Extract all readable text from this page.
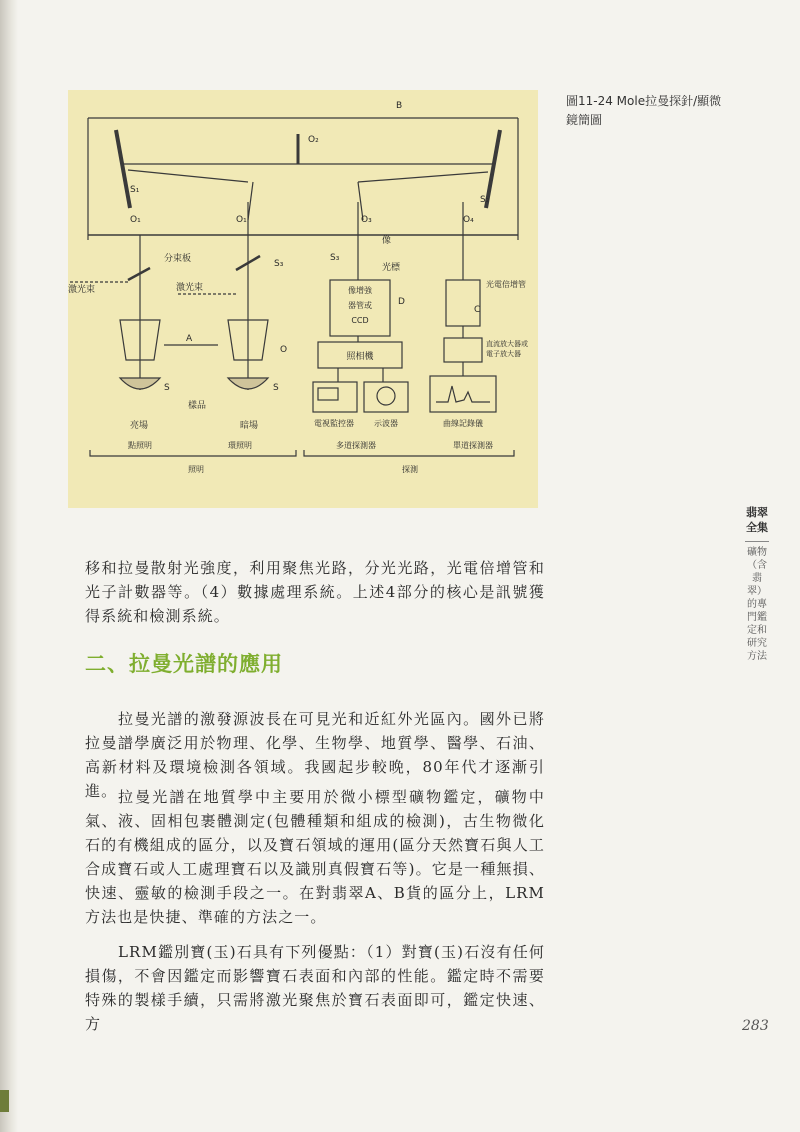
B
O₂
S₁
S₂
O₁	O₁	O₃	O₄
分束板	S₃
S₃
像
光標
激光束	激光束
A
O
S	S
樣品
亮場	暗場
像增強
器管或
CCD
D
照相機
電視監控器	示波器
光電倍增管
C
直流放大器或
電子放大器
曲線記錄儀
點照明	環照明	多道探測器	單道探測器
照明	探測
圖11-24 Mole拉曼探針/顯微鏡簡圖

移和拉曼散射光強度，利用聚焦光路，分光光路，光電倍增管和光子計數器等。（4）數據處理系統。上述4部分的核心是訊號獲得系統和檢測系統。

二、拉曼光譜的應用

拉曼光譜的激發源波長在可見光和近紅外光區內。國外已將拉曼譜學廣泛用於物理、化學、生物學、地質學、醫學、石油、高新材料及環境檢測各領域。我國起步較晚，80年代才逐漸引進。 拉曼光譜在地質學中主要用於微小標型礦物鑑定，礦物中氣、液、固相包裹體測定(包體種類和組成的檢測)，古生物微化石的有機組成的區分，以及寶石領域的運用(區分天然寶石與人工合成寶石或人工處理寶石以及識別真假寶石等)。它是一種無損、快速、靈敏的檢測手段之一。在對翡翠A、B貨的區分上，LRM方法也是快捷、準確的方法之一。

LRM鑑別寶(玉)石具有下列優點：（1）對寶(玉)石沒有任何損傷，不會因鑑定而影響寶石表面和內部的性能。鑑定時不需要特殊的製樣手續，只需將激光聚焦於寶石表面即可，鑑定快速、方

翡翠全集
礦物（含翡翠）的專門鑑定和研究方法
283
